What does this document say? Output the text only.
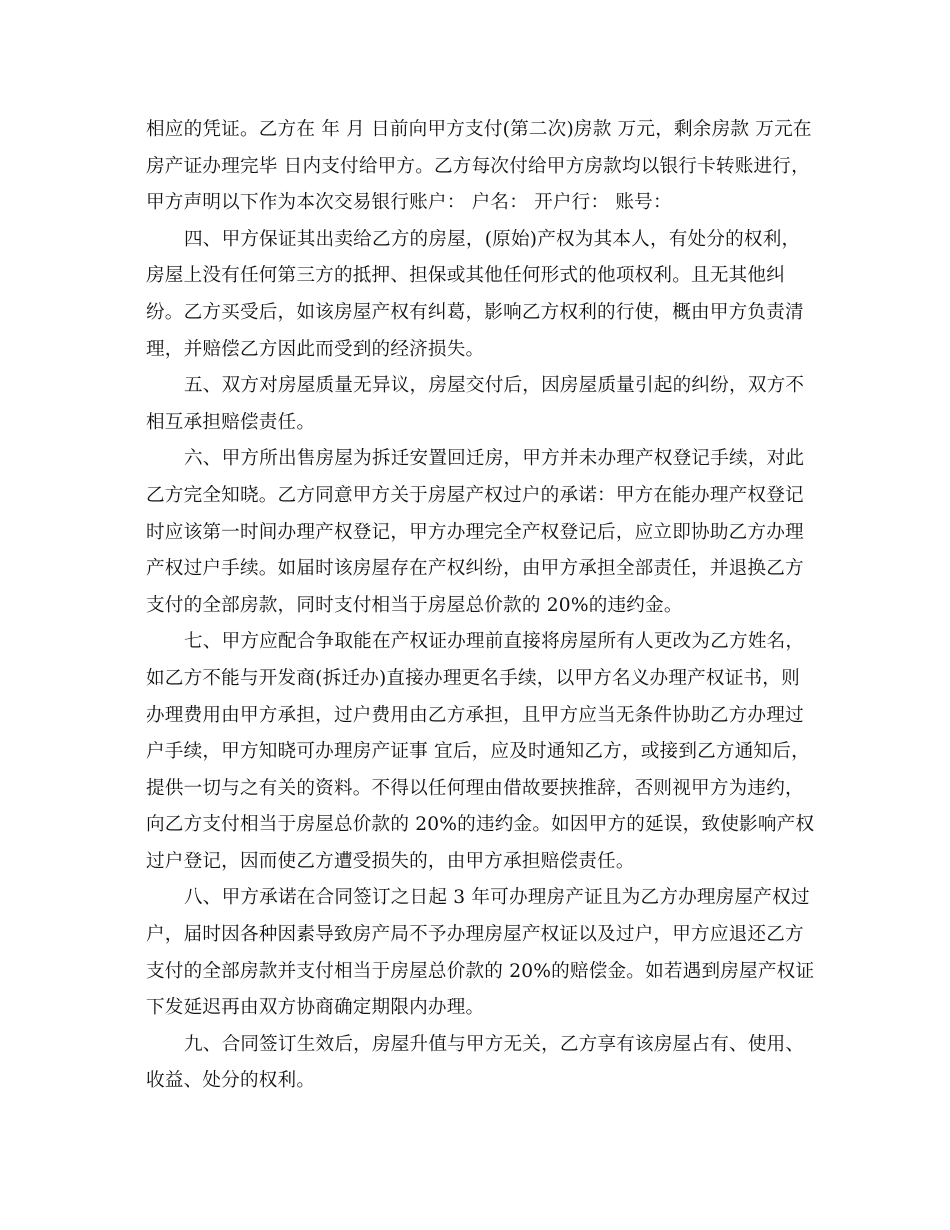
相应的凭证。乙方在 年 月 日前向甲方支付(第二次)房款 万元，剩余房款 万元在
房产证办理完毕 日内支付给甲方。乙方每次付给甲方房款均以银行卡转账进行，
甲方声明以下作为本次交易银行账户： 户名： 开户行： 账号：
四、甲方保证其出卖给乙方的房屋，(原始)产权为其本人，有处分的权利，
房屋上没有任何第三方的抵押、担保或其他任何形式的他项权利。且无其他纠
纷。乙方买受后，如该房屋产权有纠葛，影响乙方权利的行使，概由甲方负责清
理，并赔偿乙方因此而受到的经济损失。
五、双方对房屋质量无异议，房屋交付后，因房屋质量引起的纠纷，双方不
相互承担赔偿责任。
六、甲方所出售房屋为拆迁安置回迁房，甲方并未办理产权登记手续，对此
乙方完全知晓。乙方同意甲方关于房屋产权过户的承诺：甲方在能办理产权登记
时应该第一时间办理产权登记，甲方办理完全产权登记后，应立即协助乙方办理
产权过户手续。如届时该房屋存在产权纠纷，由甲方承担全部责任，并退换乙方
支付的全部房款，同时支付相当于房屋总价款的 20%的违约金。
七、甲方应配合争取能在产权证办理前直接将房屋所有人更改为乙方姓名，
如乙方不能与开发商(拆迁办)直接办理更名手续，以甲方名义办理产权证书，则
办理费用由甲方承担，过户费用由乙方承担，且甲方应当无条件协助乙方办理过
户手续，甲方知晓可办理房产证事 宜后，应及时通知乙方，或接到乙方通知后，
提供一切与之有关的资料。不得以任何理由借故要挟推辞，否则视甲方为违约，
向乙方支付相当于房屋总价款的 20%的违约金。如因甲方的延误，致使影响产权
过户登记，因而使乙方遭受损失的，由甲方承担赔偿责任。
八、甲方承诺在合同签订之日起 3 年可办理房产证且为乙方办理房屋产权过
户，届时因各种因素导致房产局不予办理房屋产权证以及过户，甲方应退还乙方
支付的全部房款并支付相当于房屋总价款的 20%的赔偿金。如若遇到房屋产权证
下发延迟再由双方协商确定期限内办理。
九、合同签订生效后，房屋升值与甲方无关，乙方享有该房屋占有、使用、
收益、处分的权利。
